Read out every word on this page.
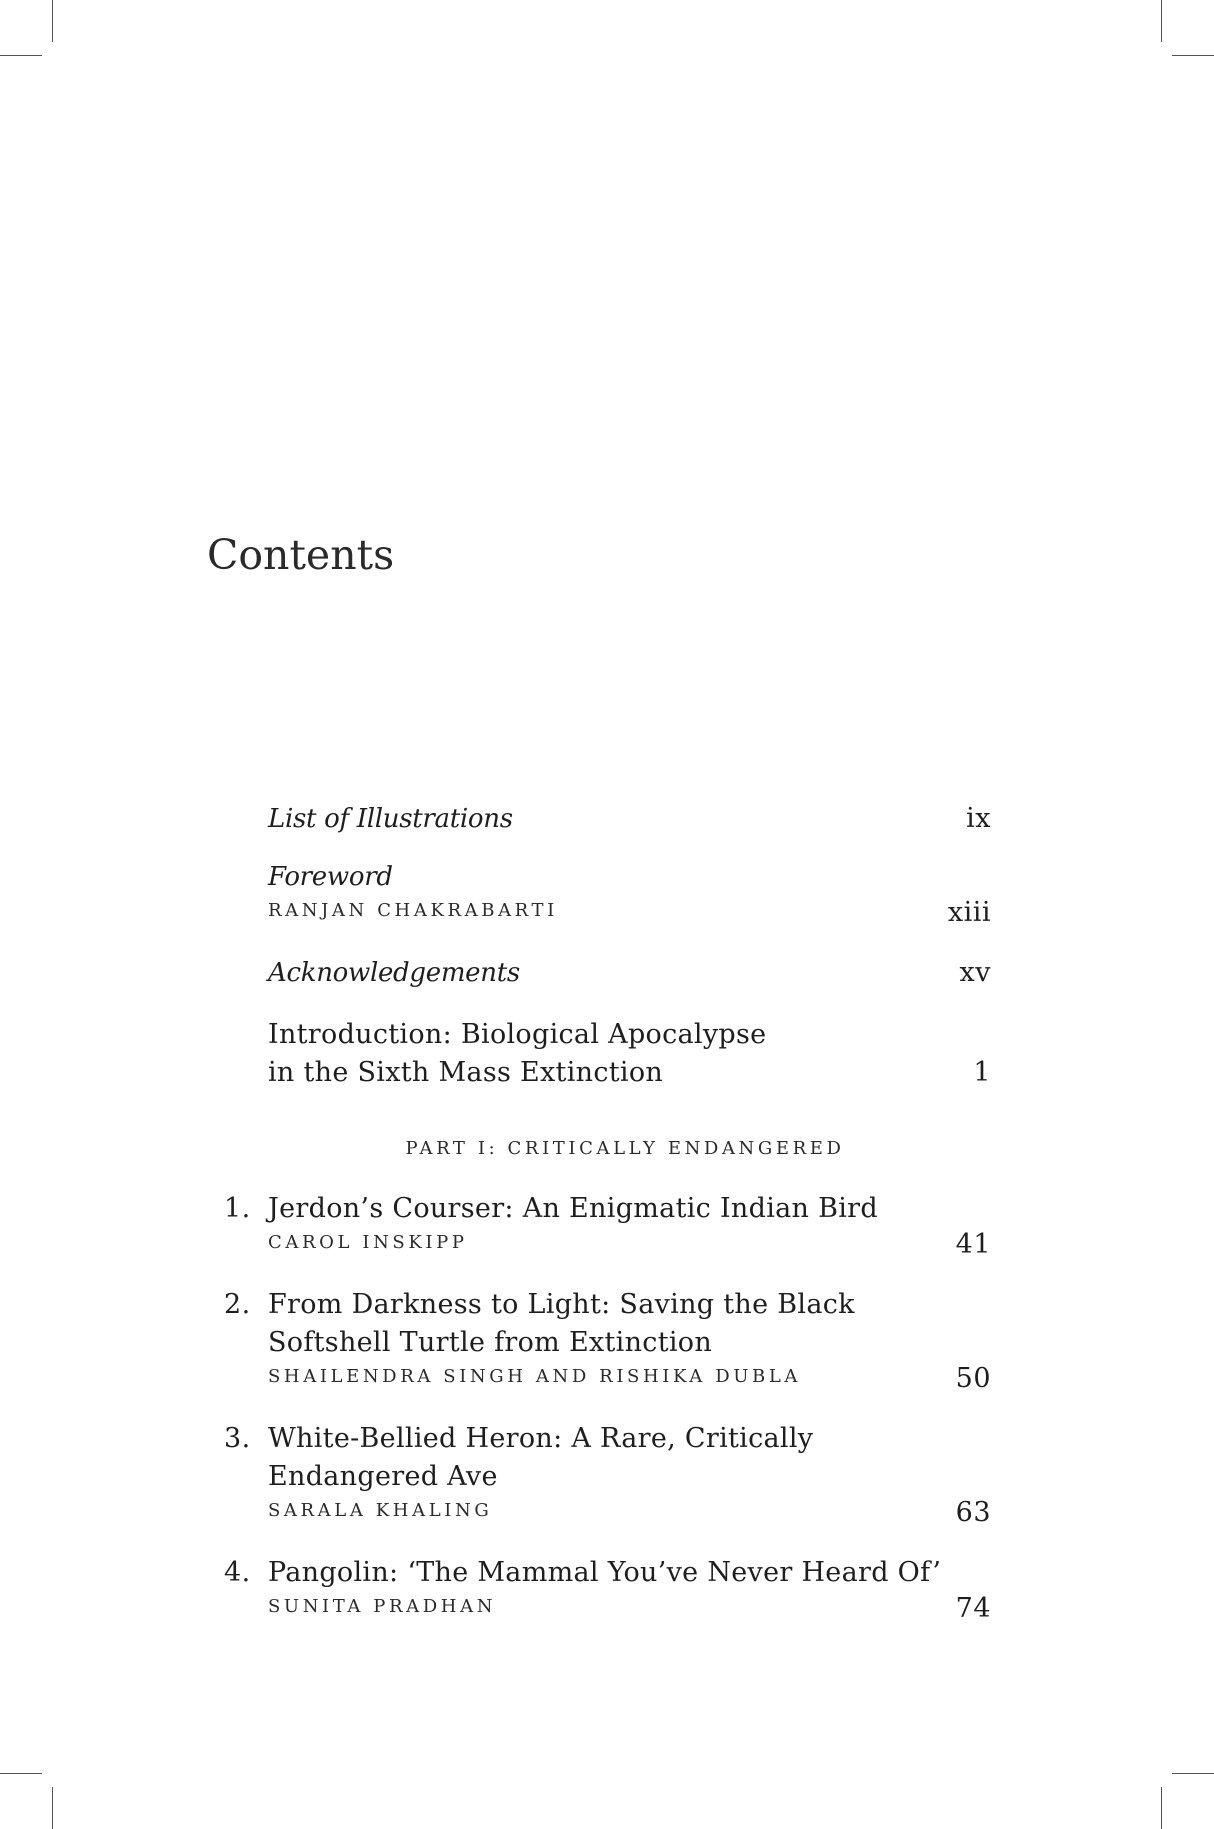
Contents
List of Illustrations	ix
Foreword
RANJAN CHAKRABARTI	xiii
Acknowledgements	xv
Introduction: Biological Apocalypse
in the Sixth Mass Extinction	1
PART I: CRITICALLY ENDANGERED
1. Jerdon’s Courser: An Enigmatic Indian Bird
CAROL INSKIPP	41
2. From Darkness to Light: Saving the Black
Softshell Turtle from Extinction
SHAILENDRA SINGH AND RISHIKA DUBLA	50
3. White-Bellied Heron: A Rare, Critically
Endangered Ave
SARALA KHALING	63
4. Pangolin: ‘The Mammal You’ve Never Heard Of’
SUNITA PRADHAN	74
